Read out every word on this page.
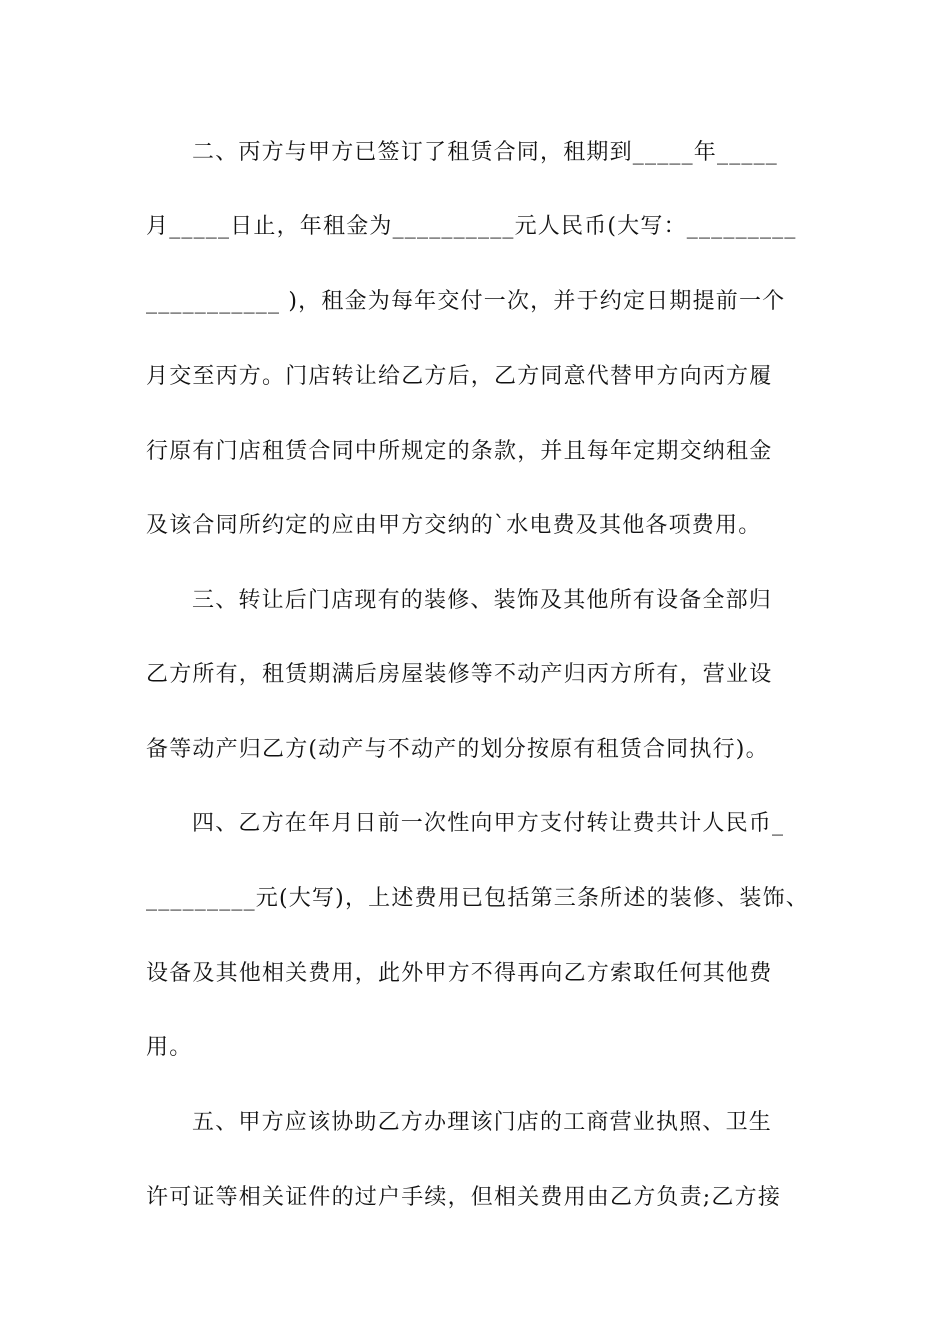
二、丙方与甲方已签订了租赁合同，租期到_____年_____
月_____日止，年租金为__________元人民币(大写：_________
___________ )，租金为每年交付一次，并于约定日期提前一个
月交至丙方。门店转让给乙方后，乙方同意代替甲方向丙方履
行原有门店租赁合同中所规定的条款，并且每年定期交纳租金
及该合同所约定的应由甲方交纳的`水电费及其他各项费用。
三、转让后门店现有的装修、装饰及其他所有设备全部归
乙方所有，租赁期满后房屋装修等不动产归丙方所有，营业设
备等动产归乙方(动产与不动产的划分按原有租赁合同执行)。
四、乙方在年月日前一次性向甲方支付转让费共计人民币_
_________元(大写)，上述费用已包括第三条所述的装修、装饰、
设备及其他相关费用，此外甲方不得再向乙方索取任何其他费
用。
五、甲方应该协助乙方办理该门店的工商营业执照、卫生
许可证等相关证件的过户手续，但相关费用由乙方负责;乙方接
